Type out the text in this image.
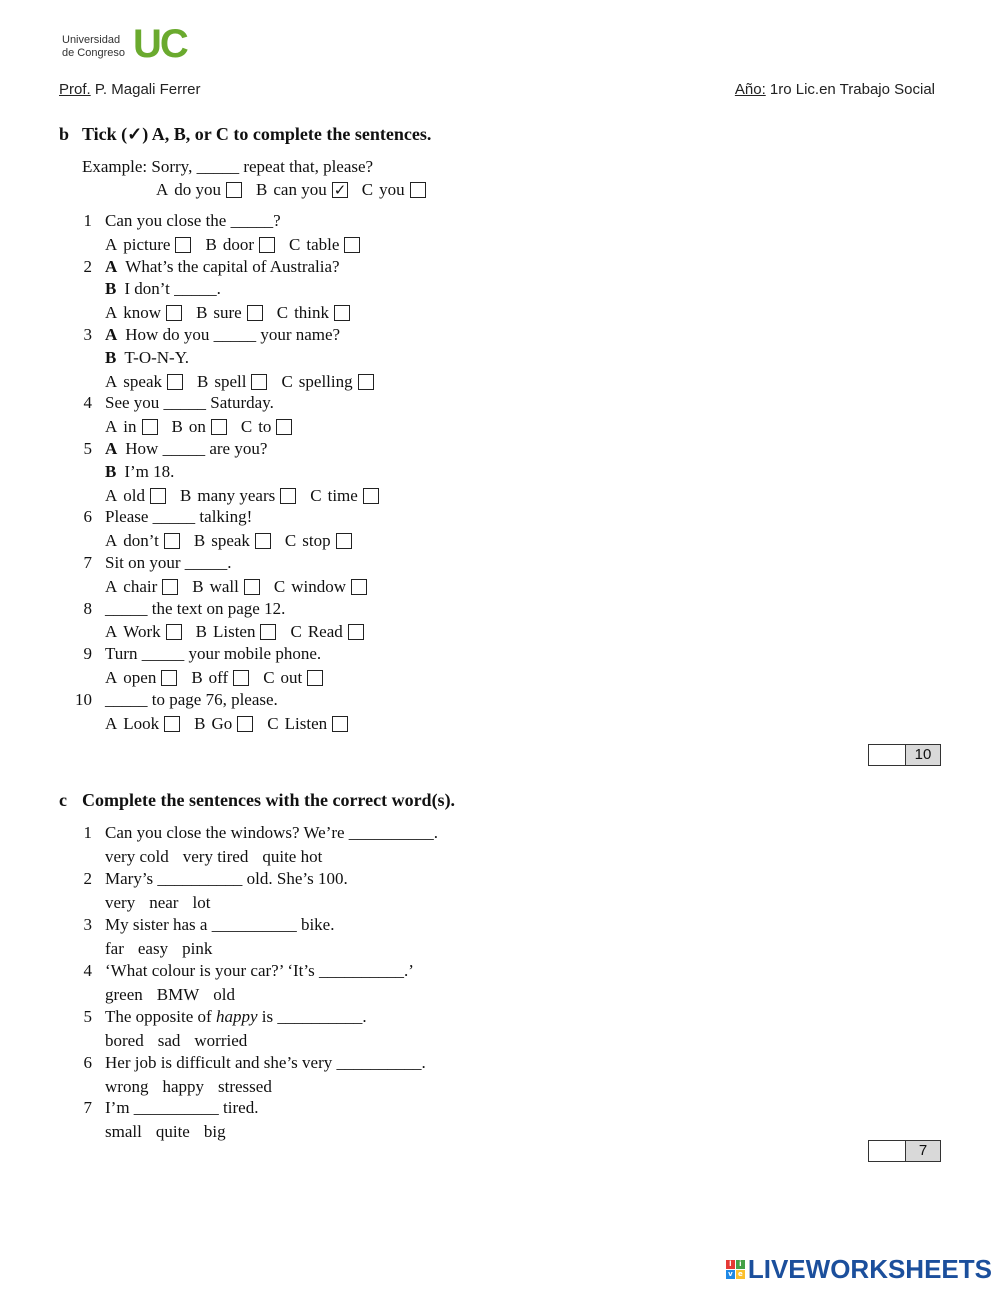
Universidad
de Congreso UC
Prof. P. Magali Ferrer	Año: 1ro Lic.en Trabajo Social
b Tick (✓) A, B, or C to complete the sentences.
Example: Sorry, _____ repeat that, please?
A do you B can you✓ C you
1 Can you close the _____?
A picture B door C table
2 A What’s the capital of Australia?
B I don’t _____.
A know B sure C think
3 A How do you _____ your name?
B T-O-N-Y.
A speak B spell C spelling
4 See you _____ Saturday.
A in B on C to
5 A How _____ are you?
B I’m 18.
A old B many years C time
6 Please _____ talking!
A don’t B speak C stop
7 Sit on your _____.
A chair B wall C window
8 _____ the text on page 12.
A Work B Listen C Read
9 Turn _____ your mobile phone.
A open B off C out
10 _____ to page 76, please.
A Look B Go C Listen
10
c Complete the sentences with the correct word(s).
1 Can you close the windows? We’re __________.
very cold very tired quite hot
2 Mary’s __________ old. She’s 100.
very near lot
3 My sister has a __________ bike.
far easy pink
4 ‘What colour is your car?’ ‘It’s __________.’
green BMW old
5 The opposite of happy is __________.
bored sad worried
6 Her job is difficult and she’s very __________.
wrong happy stressed
7 I’m __________ tired.
small quite big
7
l	i
v e LIVEWORKSHEETS
